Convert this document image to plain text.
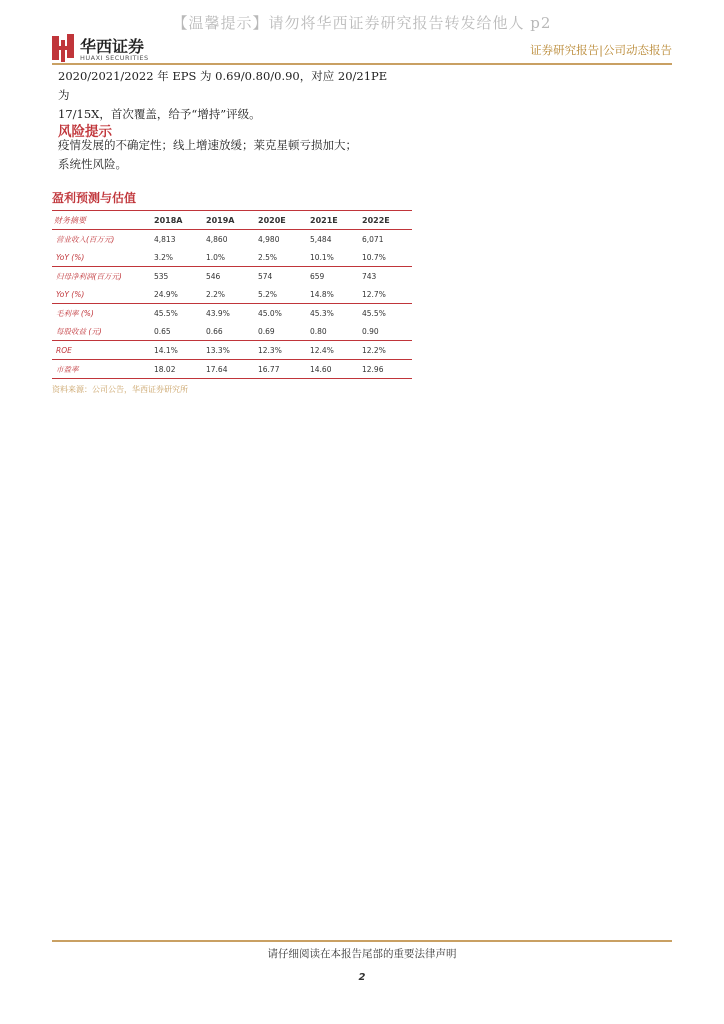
【温馨提示】请勿将华西证券研究报告转发给他人 p2
华西证券
HUAXI SECURITIES
证券研究报告|公司动态报告
2020/2021/2022 年 EPS 为 0.69/0.80/0.90，对应 20/21PE 为
17/15X，首次覆盖，给予“增持”评级。
风险提示
疫情发展的不确定性；线上增速放缓；莱克星顿亏损加大；
系统性风险。
盈利预测与估值
财务摘要	2018A	2019A	2020E	2021E	2022E
营业收入(百万元)	4,813	4,860	4,980	5,484	6,071
YoY (%)	3.2%	1.0%	2.5%	10.1%	10.7%
归母净利润(百万元)	535	546	574	659	743
YoY (%)	24.9%	2.2%	5.2%	14.8%	12.7%
毛利率 (%)	45.5%	43.9%	45.0%	45.3%	45.5%
每股收益 (元)	0.65	0.66	0.69	0.80	0.90
ROE	14.1%	13.3%	12.3%	12.4%	12.2%
市盈率	18.02	17.64	16.77	14.60	12.96
资料来源：公司公告，华西证券研究所
请仔细阅读在本报告尾部的重要法律声明
2
